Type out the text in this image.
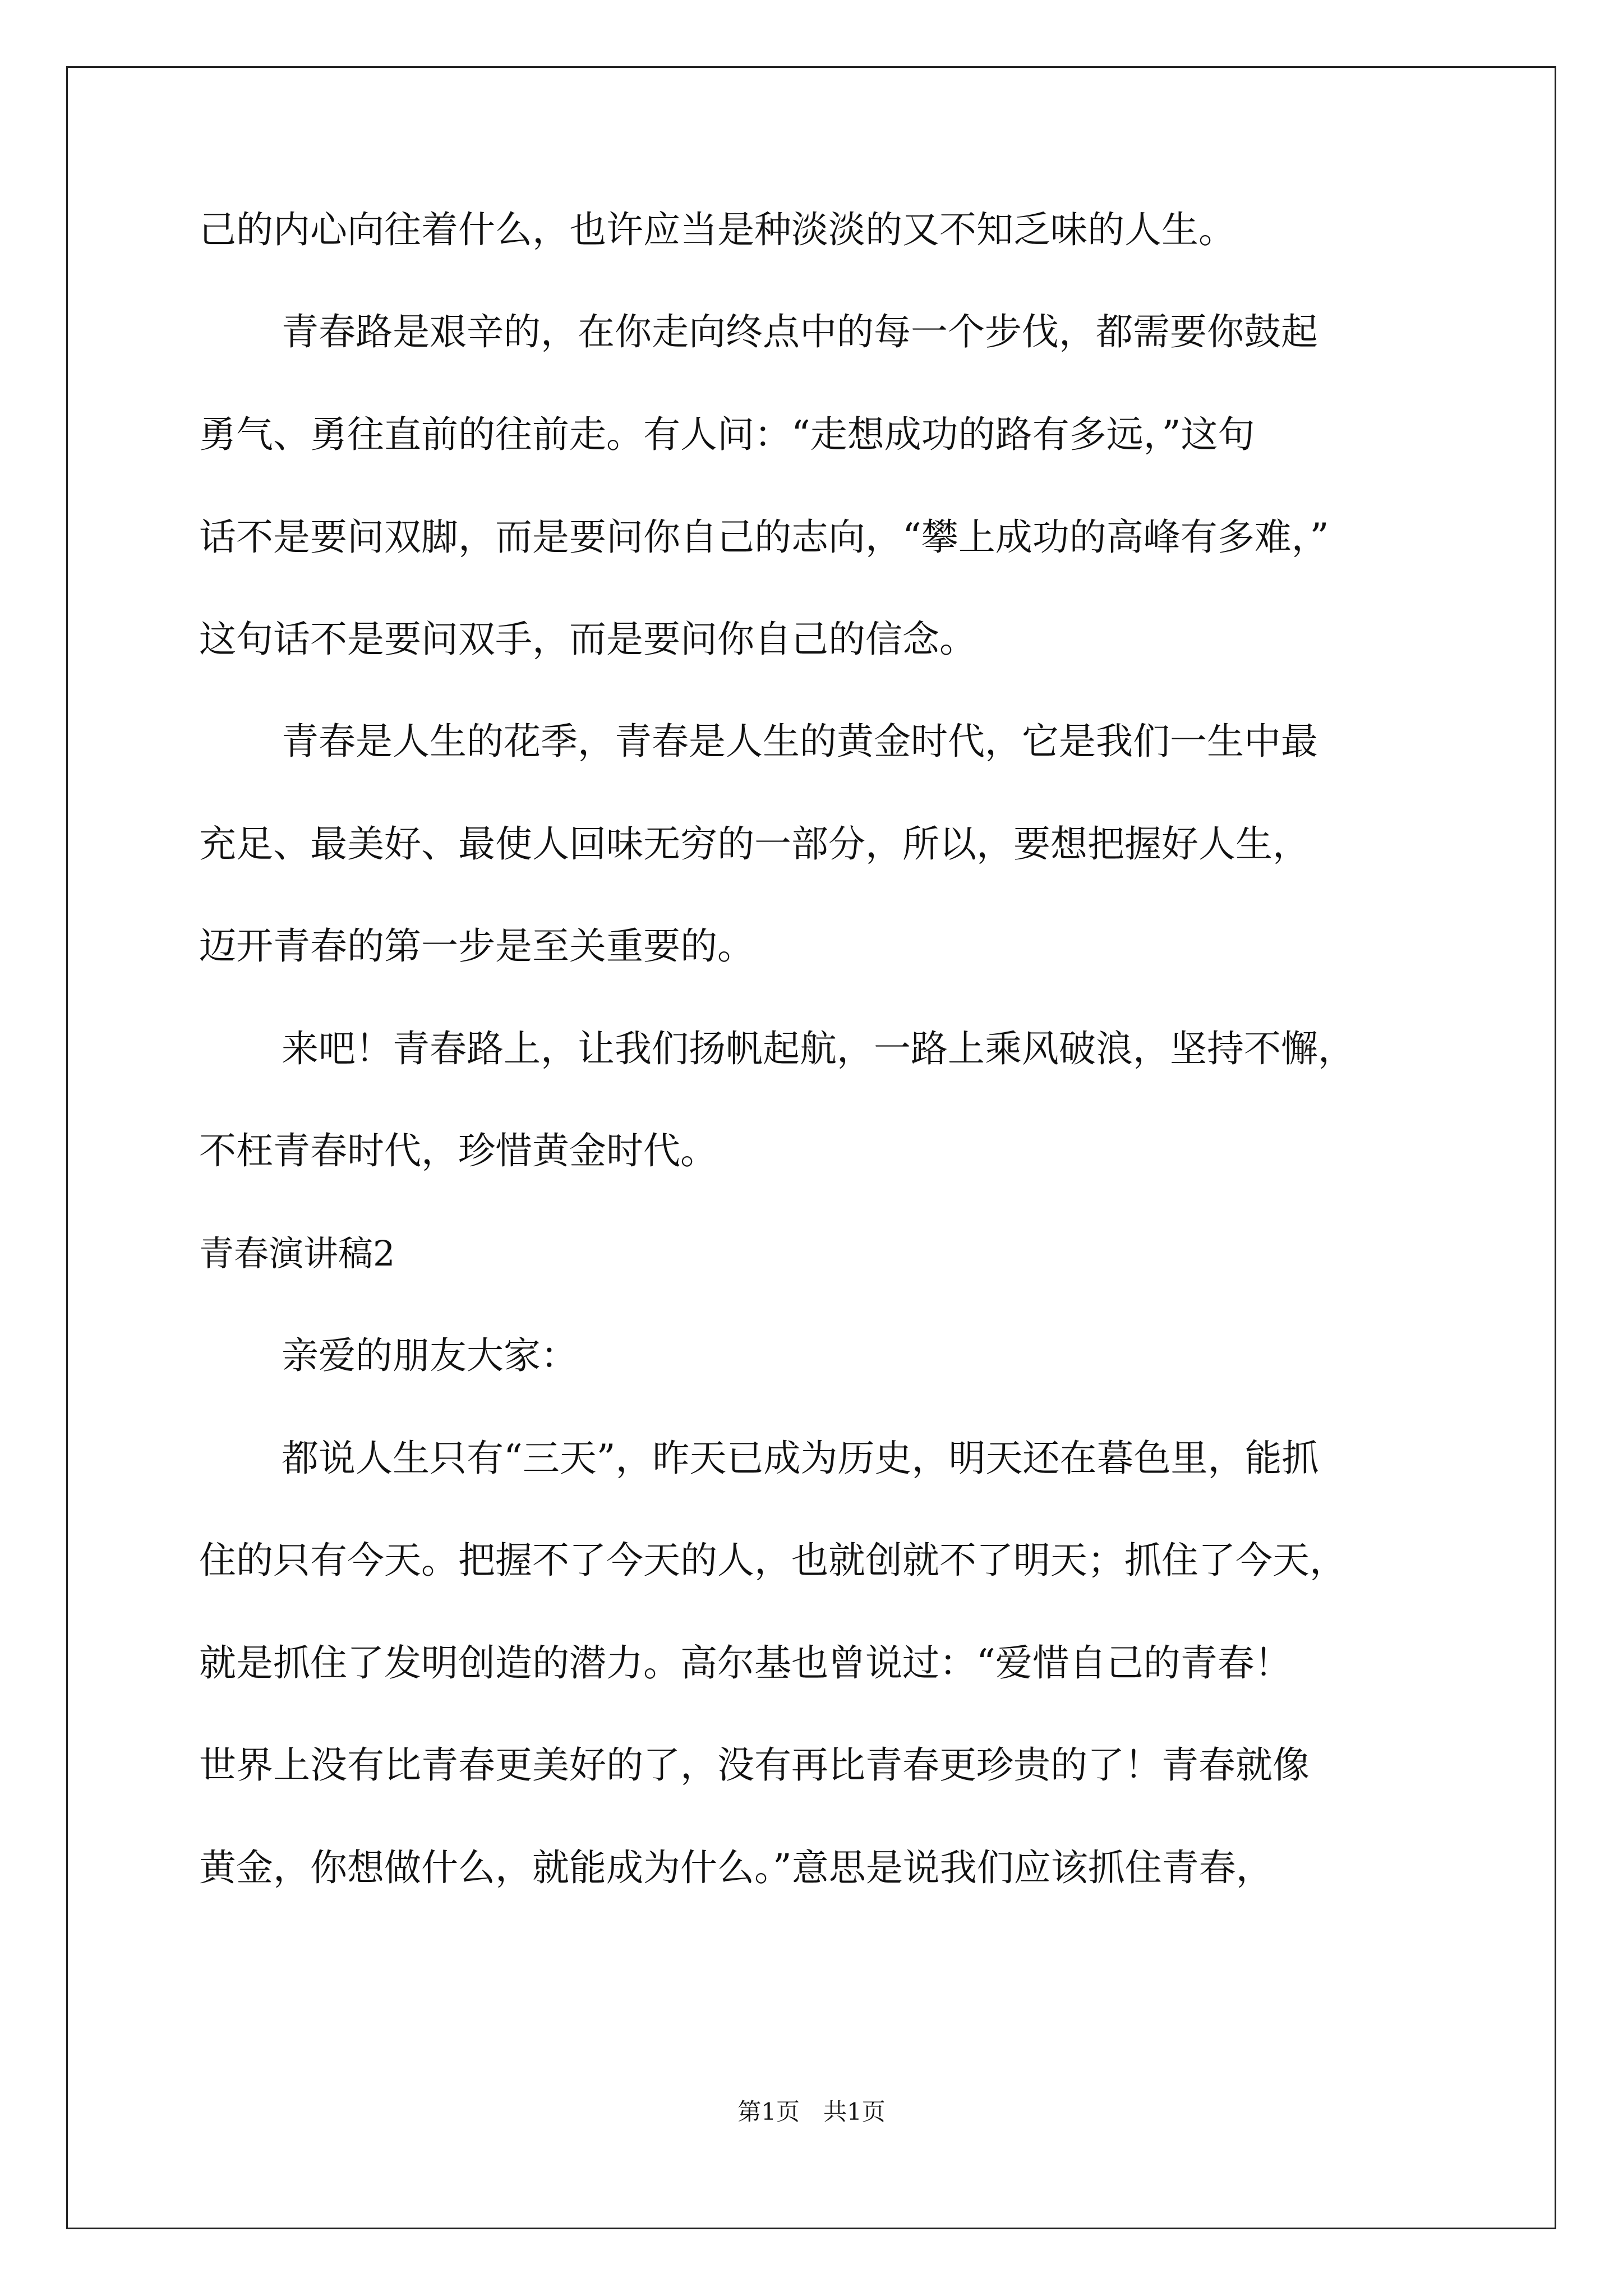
己的内心向往着什么，也许应当是种淡淡的又不知乏味的人生。
青春路是艰辛的，在你走向终点中的每一个步伐，都需要你鼓起
勇气、勇往直前的往前走。有人问：“走想成功的路有多远，”这句
话不是要问双脚，而是要问你自己的志向，“攀上成功的高峰有多难，”
这句话不是要问双手，而是要问你自己的信念。
青春是人生的花季，青春是人生的黄金时代，它是我们一生中最
充足、最美好、最使人回味无穷的一部分，所以，要想把握好人生，
迈开青春的第一步是至关重要的。
来吧！青春路上，让我们扬帆起航，一路上乘风破浪，坚持不懈，
不枉青春时代，珍惜黄金时代。
青春演讲稿2
亲爱的朋友大家：
都说人生只有“三天”，昨天已成为历史，明天还在暮色里，能抓
住的只有今天。把握不了今天的人，也就创就不了明天；抓住了今天，
就是抓住了发明创造的潜力。高尔基也曾说过：“爱惜自己的青春！
世界上没有比青春更美好的了，没有再比青春更珍贵的了！青春就像
黄金，你想做什么，就能成为什么。”意思是说我们应该抓住青春，
第1页　共1页
